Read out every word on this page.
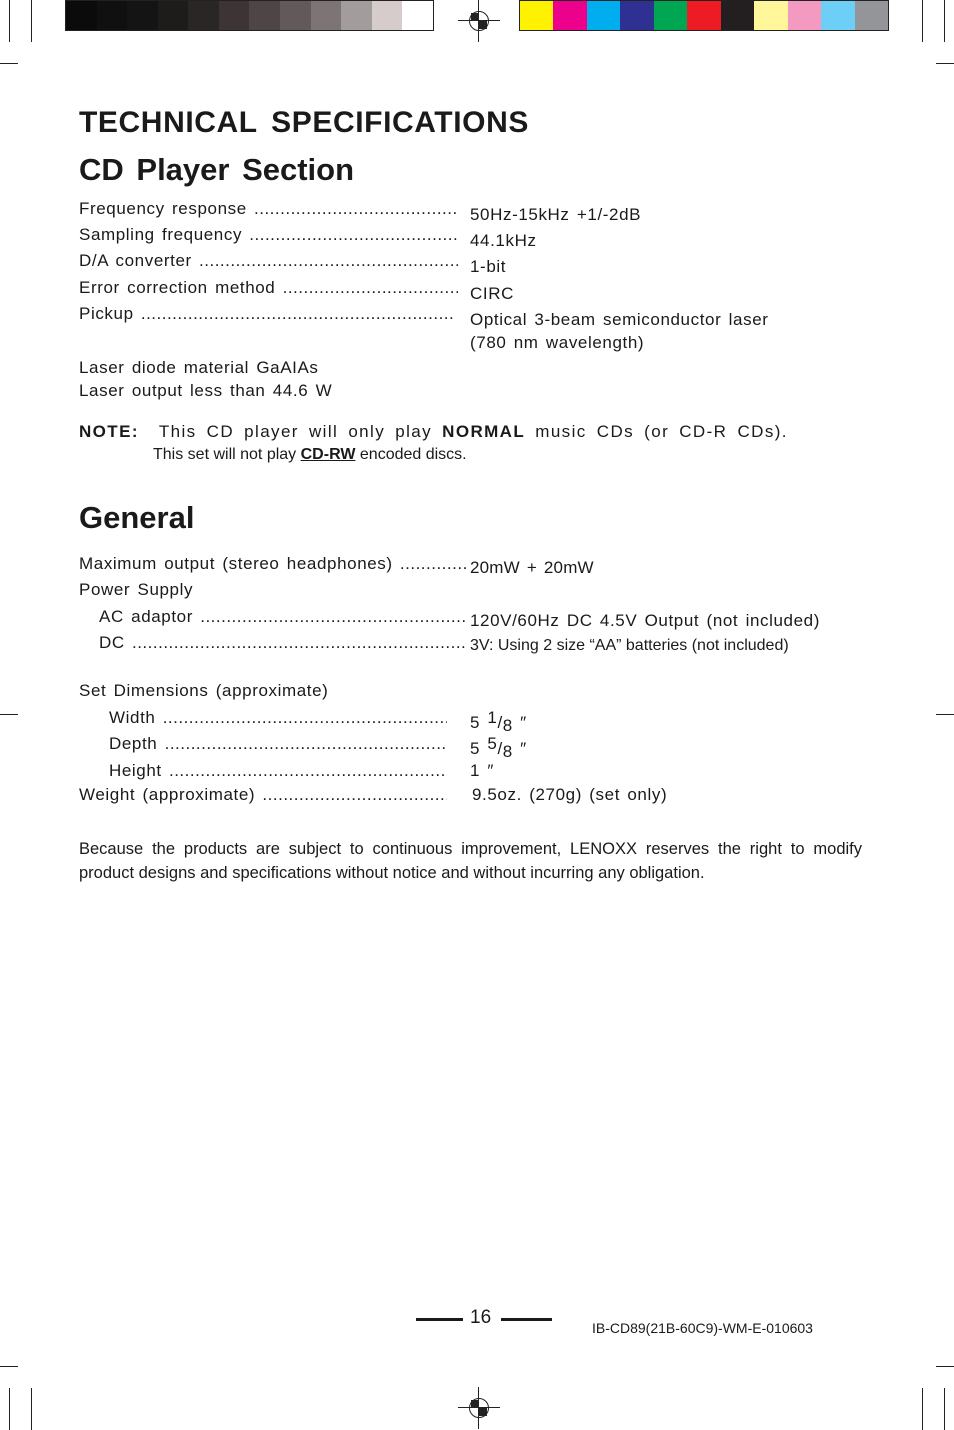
TECHNICAL SPECIFICATIONS
CD Player Section
Frequency response .....	50Hz-15kHz +1/-2dB
Sampling frequency .....	44.1kHz
D/A converter .....	1-bit
Error correction method .....	CIRC
Pickup .....	Optical 3-beam semiconductor laser
(780 nm wavelength)
Laser diode material GaAIAs
Laser output less than 44.6 W
NOTE: This CD player will only play NORMAL music CDs (or CD-R CDs).
This set will not play CD-RW encoded discs.
General
Maximum output (stereo headphones) .....	20mW + 20mW
Power Supply
AC adaptor .....	120V/60Hz DC 4.5V Output (not included)
DC .....	3V: Using 2 size “AA” batteries (not included)
Set Dimensions (approximate)
Width .....	5 $^1/_8$ ″
Depth .....	5 $^5/_8$ ″
Height .....	1 ″
Weight (approximate) .....	9.5oz. (270g) (set only)
Because the products are subject to continuous improvement, LENOXX reserves the right to modify product designs and specifications without notice and without incurring any obligation.
16	IB-CD89(21B-60C9)-WM-E-010603
